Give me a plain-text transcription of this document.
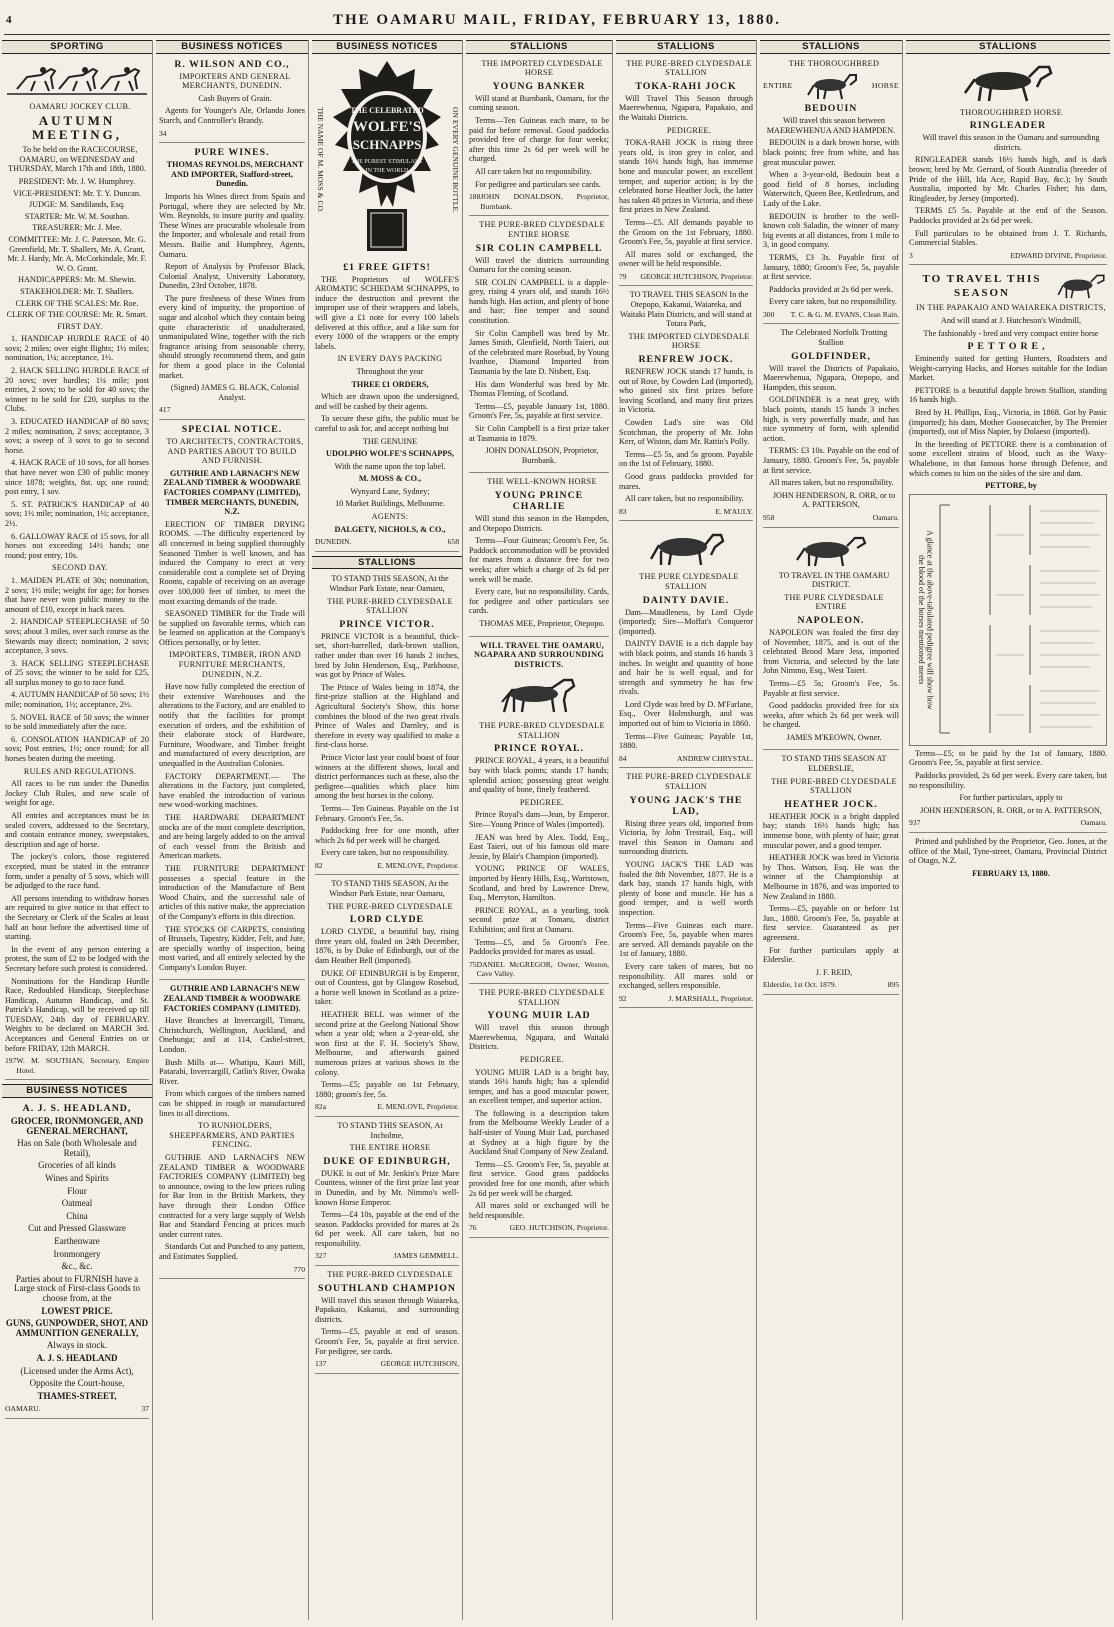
4	THE OAMARU MAIL, FRIDAY, FEBRUARY 13, 1880.
SPORTING

OAMARU JOCKEY CLUB.

AUTUMN MEETING,

To be held on the RACECOURSE, OAMARU, on WEDNESDAY and THURSDAY, March 17th and 18th, 1880.

PRESIDENT: Mr. J. W. Humphrey.
VICE-PRESIDENT: Mr. T. Y. Duncan.
JUDGE: M. Sandilands, Esq.
STARTER: Mr. W. M. Southan.
TREASURER: Mr. J. Mee.
COMMITTEE: Mr. J. C. Paterson, Mr. G. Greenfield, Mr. T. Shallers, Mr. A. Grant, Mr. J. Hardy, Mr. A. McCorkindale, Mr. F. W. O. Grant.
HANDICAPPERS: Mr. M. Shewin.
STAKEHOLDER: Mr. T. Shallers.
CLERK OF THE SCALES: Mr. Roe.
CLERK OF THE COURSE: Mr. R. Smart.

FIRST DAY.

1. HANDICAP HURDLE RACE of 40 sovs; 2 miles; over eight flights; 1½ miles; nomination, 1¼; acceptance, 1½.

2. HACK SELLING HURDLE RACE of 20 sovs; over hurdles; 1¼ mile; post entries, 2 sovs; to be sold for 40 sovs; the winner to be sold for £20, surplus to the Clubs.

3. EDUCATED HANDICAP of 80 sovs; 2 miles; nomination, 2 sovs; acceptance, 3 sovs; a sweep of 3 sovs to go to second horse.

4. HACK RACE of 10 sovs, for all horses that have never won £30 of public money since 1878; weights, 8st. up; one round; post entry, 1 sov.

5. ST. PATRICK'S HANDICAP of 40 sovs; 1½ mile; nomination, 1½; acceptance, 2½.

6. GALLOWAY RACE of 15 sovs, for all horses not exceeding 14½ hands; one round; post entry, 10s.

SECOND DAY.

1. MAIDEN PLATE of 30s; nomination, 2 sovs; 1½ mile; weight for age; for horses that have never won public money to the amount of £10, except in hack races.

2. HANDICAP STEEPLECHASE of 50 sovs; about 3 miles, over such course as the Stewards may direct; nomination, 2 sovs; acceptance, 3 sovs.

3. HACK SELLING STEEPLECHASE of 25 sovs; the winner to be sold for £25, all surplus money to go to race fund.

4. AUTUMN HANDICAP of 50 sovs; 1½ mile; nomination, 1½; acceptance, 2½.

5. NOVEL RACE of 50 sovs; the winner to be sold immediately after the race.

6. CONSOLATION HANDICAP of 20 sovs; Post entries, 1½; once round; for all horses beaten during the meeting.

RULES AND REGULATIONS.

All races to be run under the Dunedin Jockey Club Rules, and new scale of weight for age.

All entries and acceptances must be in sealed covers, addressed to the Secretary, and contain entrance money, sweepstakes, description and age of horse.

The jockey's colors, those registered excepted, must be stated in the entrance form, under a penalty of 5 sovs, which will be adjudged to the race fund.

All persons intending to withdraw horses are required to give notice to that effect to the Secretary or Clerk of the Scales at least half an hour before the advertised time of starting.

In the event of any person entering a protest, the sum of £2 to be lodged with the Secretary before such protest is considered.

Nominations for the Handicap Hurdle Race, Redoubled Handicap, Steeplechase Handicap, Autumn Handicap, and St. Patrick's Handicap, will be received up till TUESDAY, 24th day of FEBRUARY. Weights to be declared on MARCH 3rd. Acceptances and General Entries on or before FRIDAY, 12th MARCH.

197 W. M. SOUTHAN, Secretary, Empire Hotel.
BUSINESS NOTICES
A. J. S. HEADLAND,
GROCER, IRONMONGER, AND GENERAL MERCHANT,
Has on Sale (both Wholesale and Retail),
Groceries of all kinds
Wines and Spirits
Flour
Oatmeal
China
Cut and Pressed Glassware
Earthenware
Ironmongery
&c., &c.
Parties about to FURNISH have a Large stock of First-class Goods to choose from, at the
LOWEST PRICE.
GUNS, GUNPOWDER, SHOT, AND AMMUNITION GENERALLY,
Always in stock.
A. J. S. HEADLAND
(Licensed under the Arms Act),
Opposite the Court-house,
THAMES-STREET,
OAMARU.	37
BUSINESS NOTICES
R. WILSON AND CO.,

IMPORTERS AND GENERAL MERCHANTS, DUNEDIN.

Cash Buyers of Grain.

Agents for Younger's Ale, Orlando Jones Starch, and Controller's Brandy.

34
PURE WINES.

THOMAS REYNOLDS, MERCHANT AND IMPORTER, Stafford-street, Dunedin.

Imports his Wines direct from Spain and Portugal, where they are selected by Mr. Wm. Reynolds, to insure purity and quality. These Wines are procurable wholesale from the Importer, and wholesale and retail from Messrs. Bailie and Humphrey, Agents, Oamaru.

Report of Analysis by Professor Black, Colonial Analyst, University Laboratory, Dunedin, 23rd October, 1878.

The pure freshness of these Wines from every kind of impurity, the proportion of sugar and alcohol which they contain being quite characteristic of unadulterated, unmanipulated Wine, together with the rich fragrance arising from seasonable cherry, should strongly recommend them, and gain for them a good place in the Colonial market.

(Signed) JAMES G. BLACK, Colonial Analyst.

417
SPECIAL NOTICE.

TO ARCHITECTS, CONTRACTORS, AND PARTIES ABOUT TO BUILD AND FURNISH.

GUTHRIE AND LARNACH'S NEW ZEALAND TIMBER & WOODWARE FACTORIES COMPANY (LIMITED), TIMBER MERCHANTS, DUNEDIN, N.Z.

ERECTION OF TIMBER DRYING ROOMS. —The difficulty experienced by all concerned in being supplied thoroughly Seasoned Timber is well known, and has induced the Company to erect at very considerable cost a complete set of Drying Rooms, capable of receiving on an average over 100,000 feet of timber, to meet the most exacting demands of the trade.

SEASONED TIMBER for the Trade will be supplied on favorable terms, which can be learned on application at the Company's Offices personally, or by letter.

IMPORTERS, TIMBER, IRON AND FURNITURE MERCHANTS, DUNEDIN, N.Z.

Have now fully completed the erection of their extensive Warehouses and the alterations to the Factory, and are enabled to notify that the facilities for prompt execution of orders, and the exhibition of their elaborate stock of Hardware, Furniture, Woodware, and Timber freight and manufactured of every description, are unequalled in the Australian Colonies.

FACTORY DEPARTMENT.— The alterations in the Factory, just completed, have enabled the introduction of various new wood-working machines.

THE HARDWARE DEPARTMENT stocks are of the most complete description, and are being largely added to on the arrival of each vessel from the British and American markets.

THE FURNITURE DEPARTMENT possesses a special feature in the introduction of the Manufacture of Bent Wood Chairs, and the successful sale of articles of this native make, the appreciation of the Company's efforts in this direction.

THE STOCKS OF CARPETS, consisting of Brussels, Tapestry, Kidder, Felt, and Jute, are specially worthy of inspection, being most varied, and all entirely selected by the Company's London Buyer.

GUTHRIE AND LARNACH'S NEW ZEALAND TIMBER & WOODWARE FACTORIES COMPANY (LIMITED).

Have Branches at Invercargill, Timaru, Christchurch, Wellington, Auckland, and Onehunga; and at 114, Cashel-street, London.

Bush Mills at— Whatipu, Kauri Mill, Patarahi, Invercargill, Catlin's River, Owaka River.

From which cargoes of the timbers named can be shipped in rough or manufactured lines to all directions.

TO RUNHOLDERS, SHEEPFARMERS, AND PARTIES FENCING.

GUTHRIE AND LARNACH'S NEW ZEALAND TIMBER & WOODWARE FACTORIES COMPANY (LIMITED) beg to announce, owing to the low prices ruling for Bar Iron in the British Markets, they have through their London Office contracted for a very large supply of Welsh Bar and Standard Fencing at prices much under current rates.

Standards Cut and Punched to any pattern, and Estimates Supplied.

770
BUSINESS NOTICES
THE NAME OF M. MOSS & CO.	ON EVERY GENUINE BOTTLE.
THE CELEBRATED
WOLFE'S
SCHNAPPS
THE PUREST STIMULANT
IN THE WORLD
£1 FREE GIFTS!

THE Proprietors of WOLFE'S AROMATIC SCHIEDAM SCHNAPPS, to induce the destruction and prevent the improper use of their wrappers and labels, will give a £1 note for every 100 labels delivered at this office, and a like sum for every 1000 of the wrappers or the empty labels.

IN EVERY DAYS PACKING

Throughout the year

THREE £1 ORDERS,

Which are drawn upon the undersigned, and will be cashed by their agents.

To secure these gifts, the public must be careful to ask for, and accept nothing but

THE GENUINE

UDOLPHO WOLFE'S SCHNAPPS,

With the name upon the top label.

M. MOSS & CO.,

Wynyard Lane, Sydney;

10 Market Buildings, Melbourne.

AGENTS:

DALGETY, NICHOLS, & CO.,

DUNEDIN.	658
STALLIONS

TO STAND THIS SEASON, At the Windsor Park Estate, near Oamaru,

THE PURE-BRED CLYDESDALE STALLION

PRINCE VICTOR.

PRINCE VICTOR is a beautiful, thick-set, short-barrelled, dark-brown stallion, rather under than over 16 hands 2 inches, bred by John Henderson, Esq., Parkhouse, was got by Prince of Wales.

The Prince of Wales being in 1874, the first-prize stallion at the Highland and Agricultural Society's Show, this horse combines the blood of the two great rivals Prince of Wales and Darnley, and is therefore in every way qualified to make a first-class horse.

Prince Victor last year could boast of four winners at the different shows, local and district performances such as these, also the pedigree—qualities which place him among the best horses in the colony.

Terms— Ten Guineas. Payable on the 1st February. Groom's Fee, 5s.

Paddocking free for one month, after which 2s 6d per week will be charged.

Every care taken, but no responsibility.

82	E. MENLOVE, Proprietor.

TO STAND THIS SEASON, At the Windsor Park Estate, near Oamaru,

THE PURE-BRED CLYDESDALE

LORD CLYDE

LORD CLYDE, a beautiful bay, rising three years old, foaled on 24th December, 1876, is by Duke of Edinburgh, out of the dam Heather Bell (imported).

DUKE OF EDINBURGH is by Emperor, out of Countess, got by Glasgow Rosebud, a horse well known in Scotland as a prize-taker.

HEATHER BELL was winner of the second prize at the Geelong National Show when a year old; when a 2-year-old, she won first at the F. H. Society's Show, Melbourne, and afterwards gained numerous prizes at various shows in the colony.

Terms—£5; payable on 1st February, 1880; groom's fee, 5s.

82a	E. MENLOVE, Proprietor.

TO STAND THIS SEASON, At Incholme,

THE ENTIRE HORSE

DUKE OF EDINBURGH,

DUKE is out of Mr. Jenkin's Prize Mare Countess, winner of the first prize last year in Dunedin, and by Mr. Nimmo's well-known Horse Emperor.

Terms—£4 10s, payable at the end of the season. Paddocks provided for mares at 2s 6d per week. All care taken, but no responsibility.

327	JAMES GEMMELL.

THE PURE-BRED CLYDESDALE

SOUTHLAND CHAMPION

Will travel this season through Waiareka, Papakaio, Kakanui, and surrounding districts.

Terms—£5, payable at end of season. Groom's Fee, 5s, payable at first service. For pedigree, see cards.

137	GEORGE HUTCHISON,
STALLIONS

THE IMPORTED CLYDESDALE HORSE

YOUNG BANKER

Will stand at Burnbank, Oamaru, for the coming season.

Terms—Ten Guineas each mare, to be paid for before removal. Good paddocks provided free of charge for four weeks; after this time 2s 6d per week will be charged.

All care taken but no responsibility.

For pedigree and particulars see cards.

188 JOHN DONALDSON, Proprietor, Burnbank.

THE PURE-BRED CLYDESDALE ENTIRE HORSE

SIR COLIN CAMPBELL

Will travel the districts surrounding Oamaru for the coming season.

SIR COLIN CAMPBELL is a dapple-grey, rising 4 years old, and stands 16½ hands high. Has action, and plenty of bone and hair; fine temper and sound constitution.

Sir Colin Campbell was bred by Mr. James Smith, Glenfield, North Taieri, out of the celebrated mare Rosebud, by Young Ivanhoe, Diamond Imported from Tasmania by the late D. Nisbett, Esq.

His dam Wonderful was bred by Mr. Thomas Fleming, of Scotland.

Terms—£5, payable January 1st, 1880. Groom's Fee, 5s, payable at first service.

Sir Colin Campbell is a first prize taker at Tasmania in 1879.

JOHN DONALDSON, Proprietor, Burnbank.

THE WELL-KNOWN HORSE

YOUNG PRINCE CHARLIE

Will stand this season in the Hampden, and Otepopo Districts.

Terms—Four Guineas; Groom's Fee, 5s. Paddock accommodation will be provided for mares from a distance free for two weeks; after which a charge of 2s 6d per week will be made.

Every care, but no responsibility. Cards, for pedigree and other particulars see cards.

THOMAS MEE, Proprietor, Otepopo.

WILL TRAVEL THE OAMARU, NGAPARA AND SURROUNDING DISTRICTS.

THE PURE-BRED CLYDESDALE STALLION

PRINCE ROYAL.

PRINCE ROYAL, 4 years, is a beautiful bay with black points; stands 17 hands; splendid action; possessing great weight and quality of bone, finely feathered.

PEDIGREE.

Prince Royal's dam—Jean, by Emperor. Sire—Young Prince of Wales (imported).

JEAN was bred by Alex. Todd, Esq., East Taieri, out of his famous old mare Jessie, by Blair's Champion (imported).

YOUNG PRINCE OF WALES, imported by Henry Hills, Esq., Wartstown, Scotland, and bred by Lawrence Drew, Esq., Merryton, Hamilton.

PRINCE ROYAL, as a yearling, took second prize at Tomaru, district Exhibition; and first at Oamaru.

Terms—£5, and 5s Groom's Fee. Paddocks provided for mares as usual.

75 DANIEL McGREGOR, Owner, Weston, Cave Valley.

THE PURE-BRED CLYDESDALE STALLION

YOUNG MUIR LAD

Will travel this season through Maerewhenua, Ngapara, and Waitaki Districts.

PEDIGREE.

YOUNG MUIR LAD is a bright bay, stands 16½ hands high; has a splendid temper, and has a good muscular power, an excellent temper, and superior action.

The following is a description taken from the Melbourne Weekly Leader of a half-sister of Young Muir Lad, purchased at Sydney at a high figure by the Auckland Stud Company of New Zealand.

Terms—£5. Groom's Fee, 5s, payable at first service. Good grass paddocks provided free for one month, after which 2s 6d per week will be charged.

All mares sold or exchanged will be held responsible.

76	GEO. HUTCHISON, Proprietor.
STALLIONS

THE PURE-BRED CLYDESDALE STALLION

TOKA-RAHI JOCK

Will Travel This Season through Maerewhenua, Ngapara, Papakaio, and the Waitaki Districts.

PEDIGREE.

TOKA-RAHI JOCK is rising three years old, is iron grey in color, and stands 16½ hands high, has immense bone and muscular power, an excellent temper, and superior action; is by the celebrated horse Heather Jock, the latter has taken 48 prizes in Victoria, and these first prizes in New Zealand.

Terms—£5. All demands payable to the Groom on the 1st February, 1880. Groom's Fee, 5s, payable at first service.

All mares sold or exchanged, the owner will be held responsible.

79 GEORGE HUTCHISON, Proprietor.

TO TRAVEL THIS SEASON In the Otepopo, Kakanui, Waiareka, and Waitaki Plain Districts, and will stand at Totara Park,

THE IMPORTED CLYDESDALE HORSE

RENFREW JOCK.

RENFREW JOCK stands 17 hands, is out of Rose, by Cowden Lad (imported), who gained six first prizes before leaving Scotland, and many first prizes in Victoria.

Cowden Lad's sire was Old Scotchman, the property of Mr. John Kerr, of Wiston, dam Mr. Rattin's Polly.

Terms—£5 5s, and 5s groom. Payable on the 1st of February, 1880.

Good grass paddocks provided for mares.

All care taken, but no responsibility.

83	E. M'AULY.

THE PURE CLYDESDALE STALLION

DAINTY DAVIE.

Dam—Maudleness, by Lord Clyde (imported); Sire—Moffat's Conqueror (imported).

DAINTY DAVIE is a rich dapple bay with black points, and stands 16 hands 3 inches. In weight and quantity of bone and hair he is well equal, and for strength and symmetry he has few rivals.

Lord Clyde was bred by D. M'Farlane, Esq., Over Holmsburgh, and was imported out of him to Victoria in 1860.

Terms—Five Guineas; Payable 1st, 1880.

84	ANDREW CHRYSTAL.

THE PURE-BRED CLYDESDALE STALLION

YOUNG JACK'S THE LAD,

Rising three years old, imported from Victoria, by John Trestrail, Esq., will travel this Season in Oamaru and surrounding districts.

YOUNG JACK'S THE LAD was foaled the 8th November, 1877. He is a dark bay, stands 17 hands high, with plenty of bone and muscle. He has a good temper, and is well worth inspection.

Terms—Five Guineas each mare. Groom's Fee, 5s, payable when mares are served. All demands payable on the 1st of January, 1880.

Every care taken of mares, but no responsibility. All mares sold or exchanged, sellers responsible.

92	J. MARSHALL, Proprietor.
STALLIONS

THE THOROUGHBRED

ENTIRE	HORSE
BEDOUIN

Will travel this season between MAEREWHENUA AND HAMPDEN.

BEDOUIN is a dark brown horse, with black points; free from white, and has great muscular power.

When a 3-year-old, Bedouin beat a good field of 8 horses, including Waterwitch, Queen Bee, Kettledrum, and Lady of the Lake.

BEDOUIN is brother to the well-known colt Saladin, the winner of many big events at all distances, from 1 mile to 3, in good company.

TERMS, £3 3s. Payable first of January, 1880; Groom's Fee, 5s, payable at first service.

Paddocks provided at 2s 6d per week.

Every care taken, but no responsibility.

300 T. C. & G. M. EVANS, Clean Rain.

The Celebrated Norfolk Trotting Stallion

GOLDFINDER,

Will travel the Districts of Papakaio, Maerewhenua, Ngapara, Otepopo, and Hampden, this season.

GOLDFINDER is a neat grey, with black points, stands 15 hands 3 inches high, is very powerfully made, and has nice symmetry of form, with splendid action.

TERMS: £3 10s. Payable on the end of January, 1880. Groom's Fee, 5s, payable at first service.

All mares taken, but no responsibility.

JOHN HENDERSON, R. ORR, or to A. PATTERSON,

958	Oamaru.

TO TRAVEL IN THE OAMARU DISTRICT.

THE PURE CLYDESDALE ENTIRE

NAPOLEON.

NAPOLEON was foaled the first day of November, 1875, and is out of the celebrated Brood Mare Jess, imported from Victoria, and selected by the late John Nimmo, Esq., West Taieri.

Terms—£5 5s; Groom's Fee, 5s. Payable at first service.

Good paddocks provided free for six weeks, after which 2s 6d per week will be charged.

JAMES M'KEOWN, Owner.

TO STAND THIS SEASON AT ELDERSLIE,

THE PURE-BRED CLYDESDALE STALLION

HEATHER JOCK.

HEATHER JOCK is a bright dappled bay; stands 16½ hands high; has immense bone, with plenty of hair; great muscular power, and a good temper.

HEATHER JOCK was bred in Victoria by Thos. Watson, Esq. He was the winner of the Championship at Melbourne in 1876, and was imported to New Zealand in 1880.

Terms—£5, payable on or before 1st Jan., 1880. Groom's Fee, 5s, payable at first service. Guaranteed as per agreement.

For further particulars apply at Elderslie.

J. F. REID,

Elderslie, 1st Oct. 1879.	895
STALLIONS

THOROUGHBRED HORSE

RINGLEADER

Will travel this season in the Oamaru and surrounding districts.

RINGLEADER stands 16½ hands high, and is dark brown; bred by Mr. Gerrard, of South Australia (breeder of Pride of the Hill, Ida Ace, Rapid Bay, &c.); by South Australia, imported by Mr. Charles Fisher; his dam, Ringleader, by Jersey (imported).

TERMS £5 5s. Payable at the end of the Season. Paddocks provided at 2s 6d per week.

Full particulars to be obtained from J. T. Richards, Commercial Stables.

3	EDWARD DIVINE, Proprietor.
TO TRAVEL THIS SEASON

IN THE PAPAKAIO AND WAIAREKA DISTRICTS,

And will stand at J. Hutcheson's Windmill,

The fashionably - bred and very compact entire horse

PETTORE,

Eminently suited for getting Hunters, Roadsters and Weight-carrying Hacks, and Horses suitable for the Indian Market.

PETTORE is a beautiful dapple brown Stallion, standing 16 hands high.

Bred by H. Phillips, Esq., Victoria, in 1868. Got by Panic (imported); his dam, Mother Goosecatcher, by The Premier (imported), out of Miss Napier, by Dolaeso (imported).

In the breeding of PETTORE there is a combination of some excellent strains of blood, such as the Waxy-Whalebone, in that famous horse through Defence, and which comes to him on the sides of the sire and dam.

PETTORE, by

A glance at the above-tabulated pedigree will show how the blood of the horses mentioned meets

Terms—£5; to be paid by the 1st of January, 1880. Groom's Fee, 5s, payable at first service.

Paddocks provided, 2s 6d per week. Every care taken, but no responsibility.

For further particulars, apply to

JOHN HENDERSON, R. ORR, or to A. PATTERSON,

937	Oamaru.

Printed and published by the Proprietor, Geo. Jones, at the office of the Mail, Tyne-street, Oamaru, Provincial District of Otago, N.Z.

FEBRUARY 13, 1880.
